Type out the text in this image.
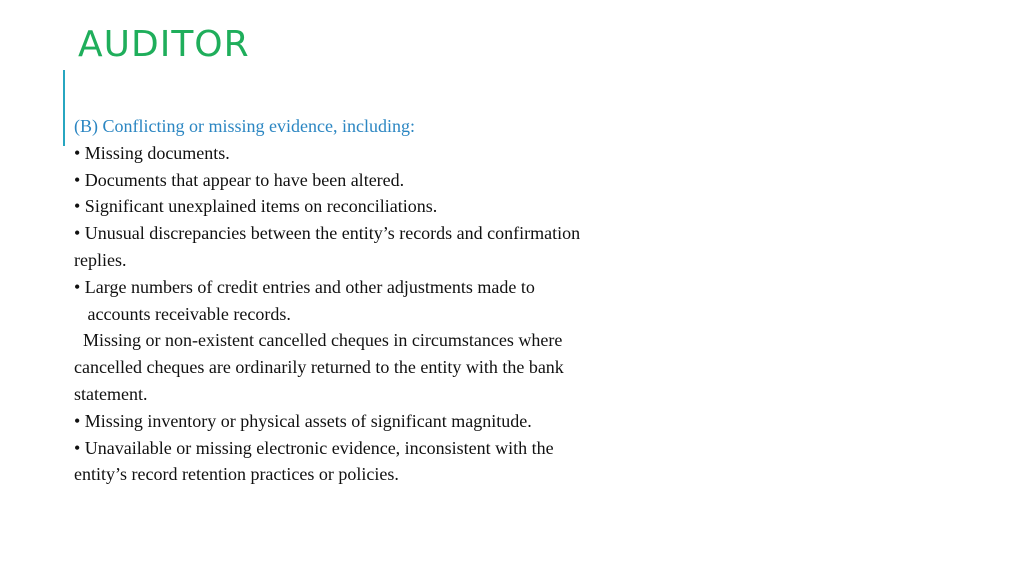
AUDITOR

(B) Conflicting or missing evidence, including:

• Missing documents.

• Documents that appear to have been altered.

• Significant unexplained items on reconciliations.

• Unusual discrepancies between the entity’s records and confirmation

replies.

• Large numbers of credit entries and other adjustments made to

accounts receivable records.

Missing or non-existent cancelled cheques in circumstances where

cancelled cheques are ordinarily returned to the entity with the bank

statement.

• Missing inventory or physical assets of significant magnitude.

• Unavailable or missing electronic evidence, inconsistent with the

entity’s record retention practices or policies.
